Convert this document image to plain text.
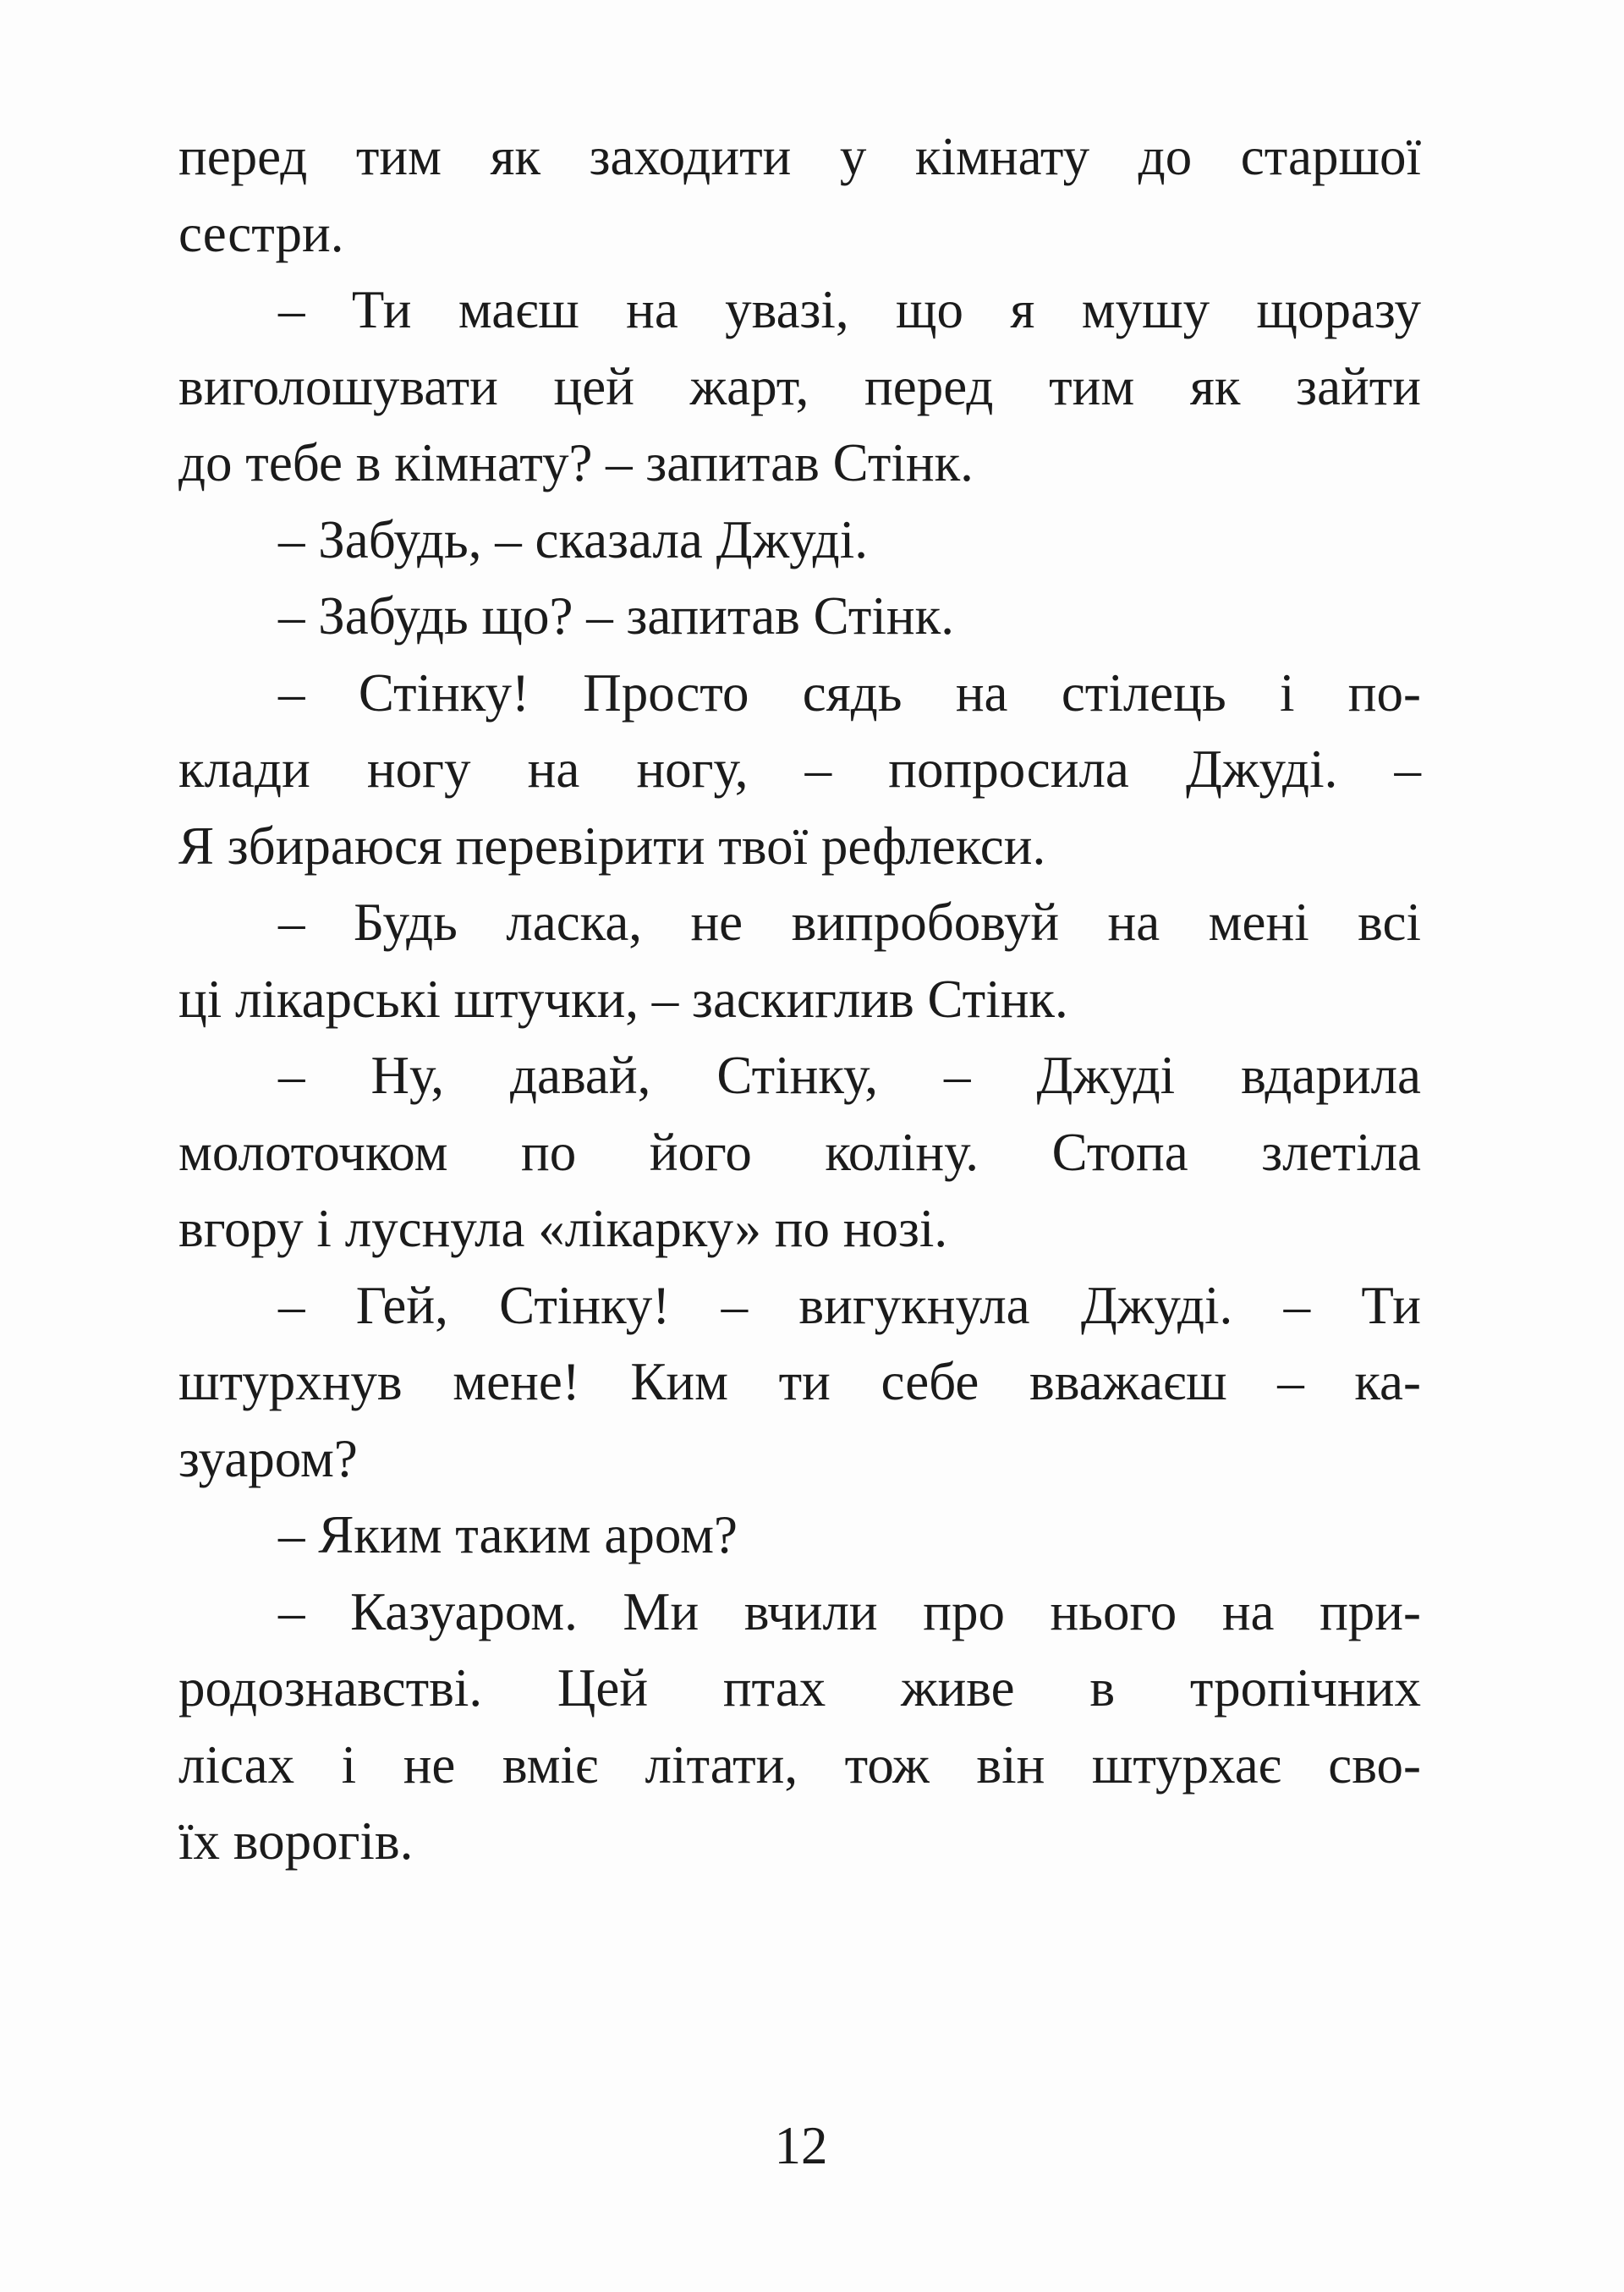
перед тим як заходити у кімнату до старшої
сестри.
– Ти маєш на увазі, що я мушу щоразу
виголошувати цей жарт, перед тим як зайти
до тебе в кімнату? – запитав Стінк.
– Забудь, – сказала Джуді.
– Забудь що? – запитав Стінк.
– Стінку! Просто сядь на стілець і по-
клади ногу на ногу, – попросила Джуді. –
Я збираюся перевірити твої рефлекси.
– Будь ласка, не випробовуй на мені всі
ці лікарські штучки, – заскиглив Стінк.
– Ну, давай, Стінку, – Джуді вдарила
молоточком по його коліну. Стопа злетіла
вгору і луснула «лікарку» по нозі.
– Гей, Стінку! – вигукнула Джуді. – Ти
штурхнув мене! Ким ти себе вважаєш – ка-
зуаром?
– Яким таким аром?
– Казуаром. Ми вчили про нього на при-
родознавстві. Цей птах живе в тропічних
лісах і не вміє літати, тож він штурхає сво-
їх ворогів.
12
